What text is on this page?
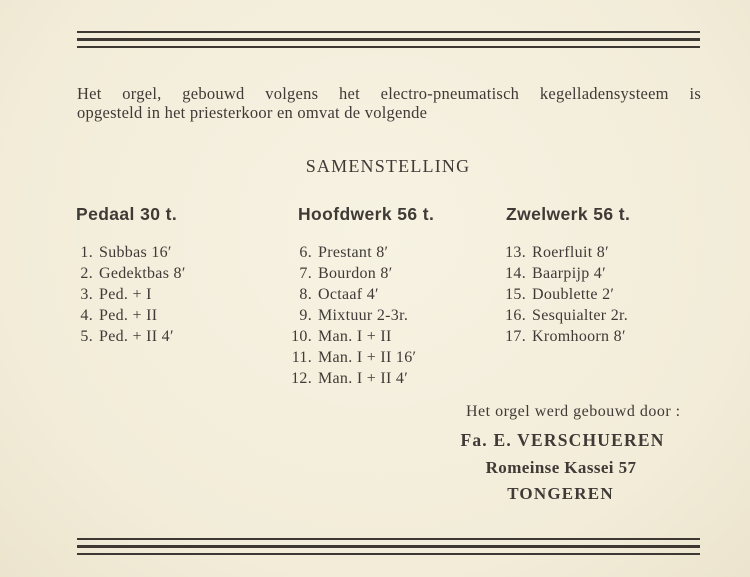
Het orgel, gebouwd volgens het electro-pneumatisch kegelladensysteem is
opgesteld in het priesterkoor en omvat de volgende
SAMENSTELLING
Pedaal 30 t.
1. Subbas 16′
2. Gedektbas 8′
3. Ped. + I
4. Ped. + II
5. Ped. + II 4′
Hoofdwerk 56 t.
6. Prestant 8′
7. Bourdon 8′
8. Octaaf 4′
9. Mixtuur 2-3r.
10. Man. I + II
11. Man. I + II 16′
12. Man. I + II 4′
Zwelwerk 56 t.
13. Roerfluit 8′
14. Baarpijp 4′
15. Doublette 2′
16. Sesquialter 2r.
17. Kromhoorn 8′
Het orgel werd gebouwd door :
Fa. E. VERSCHUEREN
Romeinse Kassei 57
TONGEREN
